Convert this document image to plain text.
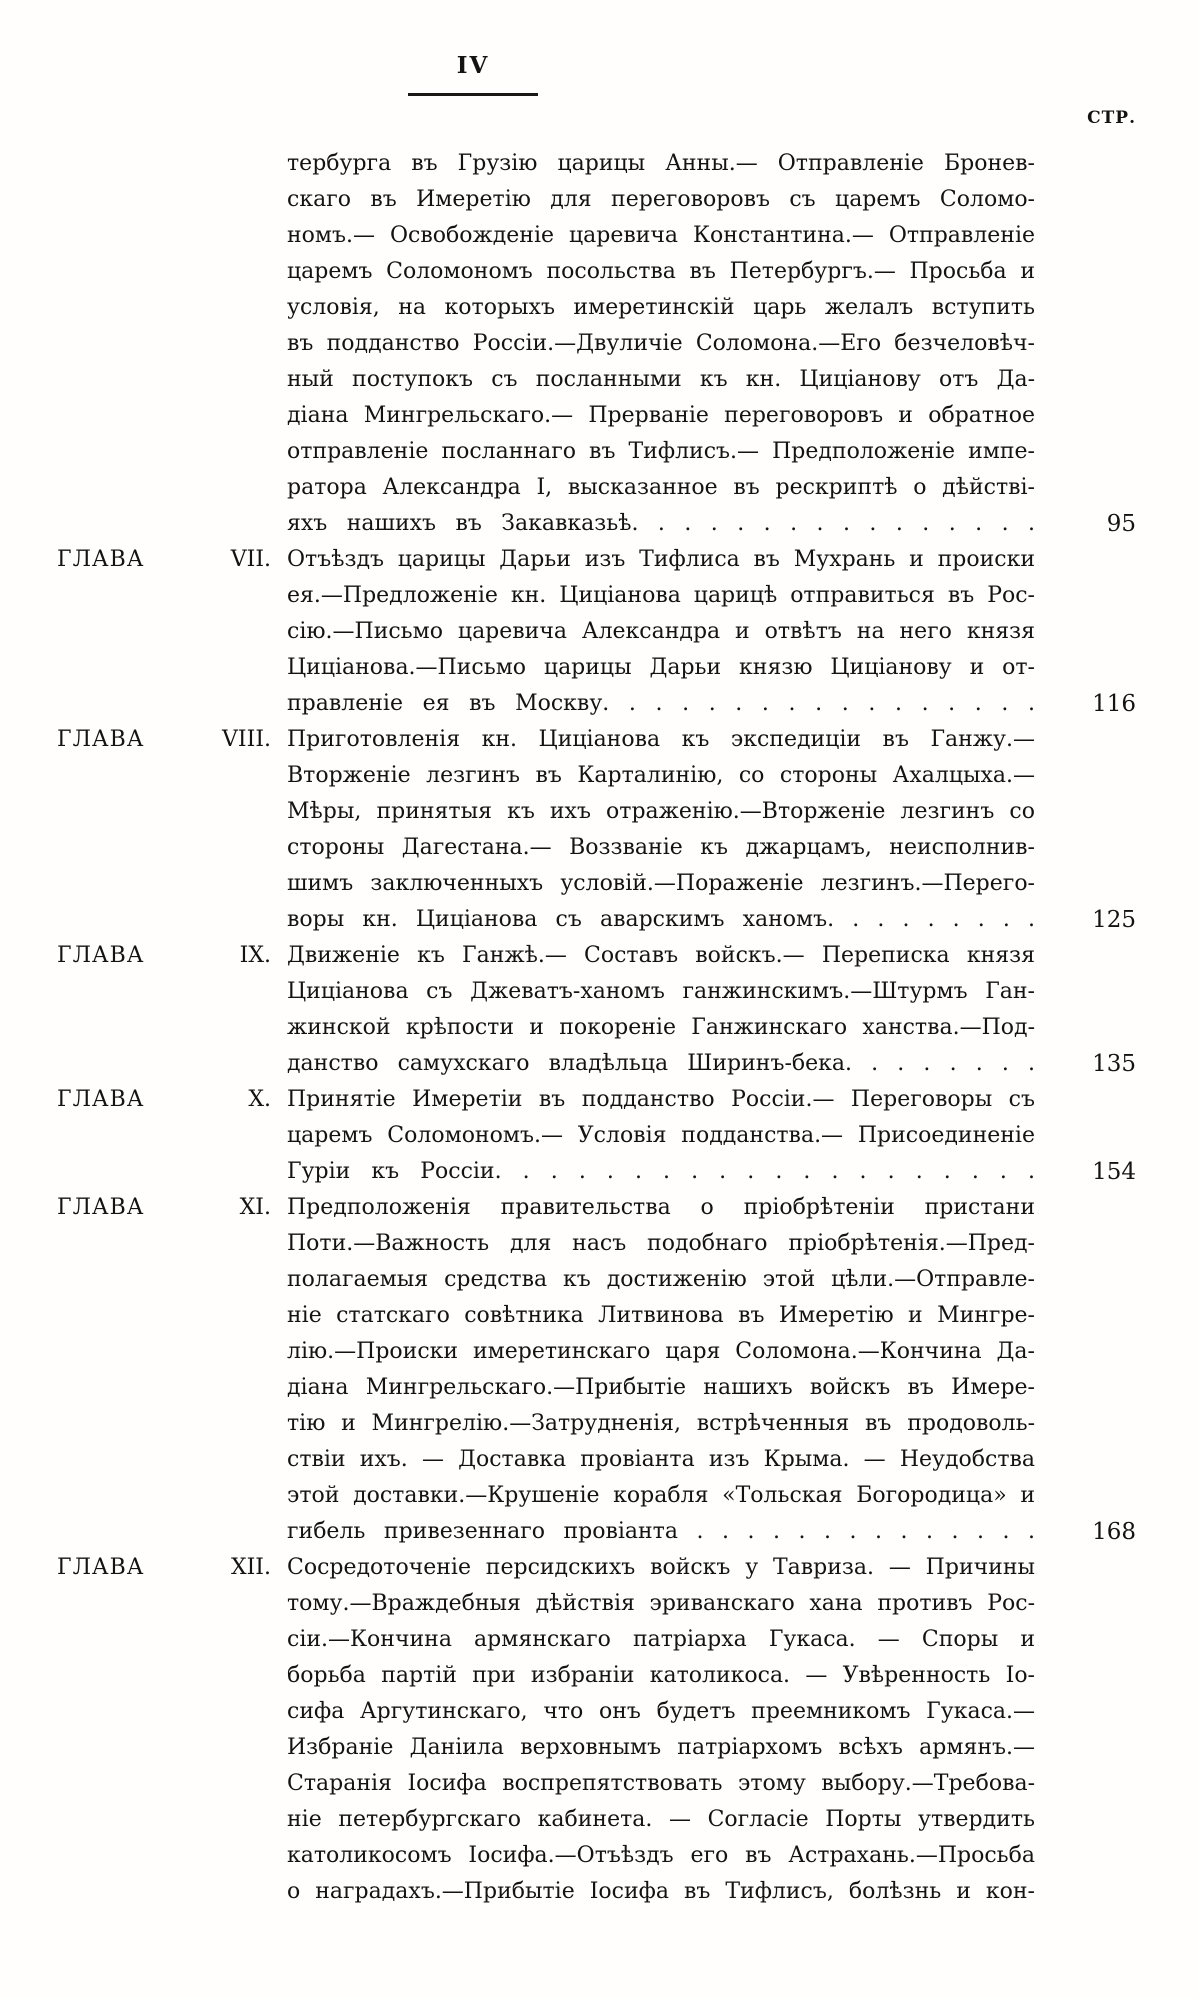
IV
СТР.
тербурга въ Грузію царицы Анны.— Отправленіе Бронев-
скаго въ Имеретію для переговоровъ съ царемъ Соломо-
номъ.— Освобожденіе царевича Константина.— Отправленіе
царемъ Соломономъ посольства въ Петербургъ.— Просьба и
условія, на которыхъ имеретинскій царь желалъ вступить
въ подданство Россіи.—Двуличіе Соломона.—Его безчеловѣч-
ный поступокъ съ посланными къ кн. Циціанову отъ Да-
діана Мингрельскаго.— Прерваніе переговоровъ и обратное
отправленіе посланнаго въ Тифлисъ.— Предположеніе импе-
ратора Александра I, высказанное въ рескриптѣ о дѣйстві-
яхъ нашихъ въ Закавказьѣ. . . . . . . . . . . . . . . .	95
ГЛАВА	VII. Отъѣздъ царицы Дарьи изъ Тифлиса въ Мухрань и происки
ея.—Предложеніе кн. Циціанова царицѣ отправиться въ Рос-
сію.—Письмо царевича Александра и отвѣтъ на него князя
Циціанова.—Письмо царицы Дарьи князю Циціанову и от-
правленіе ея въ Москву. . . . . . . . . . . . . . . . .	116
ГЛАВА	VIII. Приготовленія кн. Циціанова къ экспедиціи въ Ганжу.—
Вторженіе лезгинъ въ Карталинію, со стороны Ахалцыха.—
Мѣры, принятыя къ ихъ отраженію.—Вторженіе лезгинъ со
стороны Дагестана.— Воззваніе къ джарцамъ, неисполнив-
шимъ заключенныхъ условій.—Пораженіе лезгинъ.—Перего-
воры кн. Циціанова съ аварскимъ ханомъ. . . . . . . . .	125
ГЛАВА	IX. Движеніе къ Ганжѣ.— Составъ войскъ.— Переписка князя
Циціанова съ Джеватъ-ханомъ ганжинскимъ.—Штурмъ Ган-
жинской крѣпости и покореніе Ганжинскаго ханства.—Под-
данство самухскаго владѣльца Ширинъ-бека. . . . . . . .	135
ГЛАВА	X. Принятіе Имеретіи въ подданство Россіи.— Переговоры съ
царемъ Соломономъ.— Условія подданства.— Присоединеніе
Гуріи къ Россіи. . . . . . . . . . . . . . . . . . . .	154
ГЛАВА	XI. Предположенія правительства о пріобрѣтеніи пристани
Поти.—Важность для насъ подобнаго пріобрѣтенія.—Пред-
полагаемыя средства къ достиженію этой цѣли.—Отправле-
ніе статскаго совѣтника Литвинова въ Имеретію и Мингре-
лію.—Происки имеретинскаго царя Соломона.—Кончина Да-
діана Мингрельскаго.—Прибытіе нашихъ войскъ въ Имере-
тію и Мингрелію.—Затрудненія, встрѣченныя въ продоволь-
ствіи ихъ. — Доставка провіанта изъ Крыма. — Неудобства
этой доставки.—Крушеніе корабля «Тольская Богородица» и
гибель привезеннаго провіанта . . . . . . . . . . . . . .	168
ГЛАВА	XII. Сосредоточеніе персидскихъ войскъ у Тавриза. — Причины
тому.—Враждебныя дѣйствія эриванскаго хана противъ Рос-
сіи.—Кончина армянскаго патріарха Гукаса. — Споры и
борьба партій при избраніи католикоса. — Увѣренность Іо-
сифа Аргутинскаго, что онъ будетъ преемникомъ Гукаса.—
Избраніе Даніила верховнымъ патріархомъ всѣхъ армянъ.—
Старанія Іосифа воспрепятствовать этому выбору.—Требова-
ніе петербургскаго кабинета. — Согласіе Порты утвердить
католикосомъ Іосифа.—Отъѣздъ его въ Астрахань.—Просьба
о наградахъ.—Прибытіе Іосифа въ Тифлисъ, болѣзнь и кон-
